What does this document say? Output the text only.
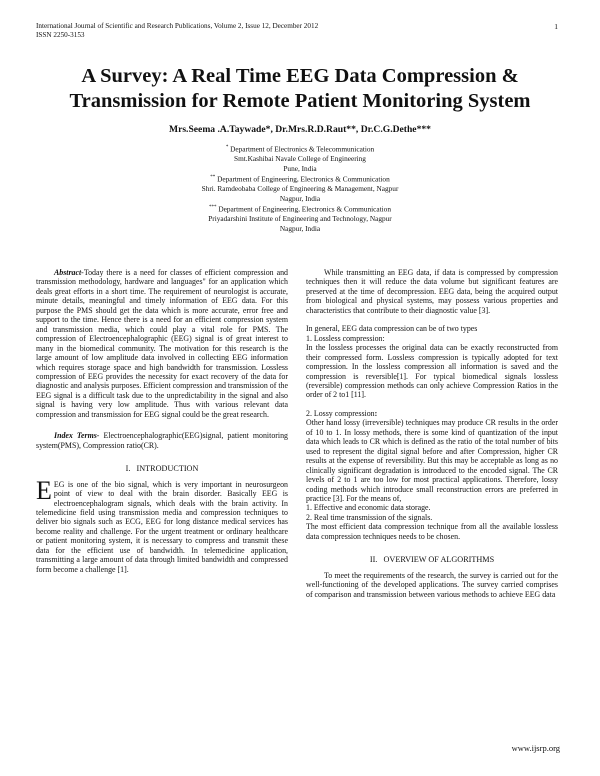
International Journal of Scientific and Research Publications, Volume 2, Issue 12, December 2012
ISSN 2250-3153
1
A Survey: A Real Time EEG Data Compression &
Transmission for Remote Patient Monitoring System
Mrs.Seema .A.Taywade*, Dr.Mrs.R.D.Raut**, Dr.C.G.Dethe***
* Department of Electronics & Telecommunication
Smt.Kashibai Navale College of Engineering
Pune, India
** Department of Engineering, Electronics & Communication
Shri. Ramdeobaba College of Engineering & Management, Nagpur
Nagpur, India
*** Department of Engineering, Electronics & Communication
Priyadarshini Institute of Engineering and Technology, Nagpur
Nagpur, India

Abstract-Today there is a need for classes of efficient compression and transmission methodology, hardware and languages" for an application which deals great efforts in a short time. The requirement of neurologist is accurate, minute details, meaningful and timely information of EEG data. For this purpose the PMS should get the data which is more accurate, error free and support to the time. Hence there is a need for an efficient compression system and transmission media, which could play a vital role for PMS. The compression of Electroencephalographic (EEG) signal is of great interest to many in the biomedical community. The motivation for this research is the large amount of low amplitude data involved in collecting EEG information which requires storage space and high bandwidth for transmission. Lossless compression of EEG provides the necessity for exact recovery of the data for diagnostic and analysis purposes. Efficient compression and transmission of the EEG signal is a difficult task due to the unpredictability in the signal and also signal is having very low amplitude. Thus with various relevant data compression and transmission for EEG signal could be the great research.

Index Terms- Electroencephalographic(EEG)signal, patient monitoring system(PMS), Compression ratio(CR).

I. INTRODUCTION

EEG is one of the bio signal, which is very important in neurosurgeon point of view to deal with the brain disorder. Basically EEG is electroencephalogram signals, which deals with the brain activity. In telemedicine field using transmission media and compression techniques to deliver bio signals such as ECG, EEG for long distance medical services has become reality and challenge. For the urgent treatment or ordinary healthcare or patient monitoring system, it is necessary to compress and transmit these data for the efficient use of bandwidth. In telemedicine application, transmitting a large amount of data through limited bandwidth and compressed form become a challenge [1].

While transmitting an EEG data, if data is compressed by compression techniques then it will reduce the data volume but significant features are preserved at the time of decompression. EEG data, being the acquired output from biological and physical systems, may possess various properties and characteristics that contribute to their diagnostic value [3].

In general, EEG data compression can be of two types

1. Lossless compression:

In the lossless processes the original data can be exactly reconstructed from their compressed form. Lossless compression is typically adopted for text compression. In the lossless compression all information is saved and the compression is reversible[1]. For typical biomedical signals lossless (reversible) compression methods can only achieve Compression Ratios in the order of 2 to1 [11].

2. Lossy compression:

Other hand lossy (irreversible) techniques may produce CR results in the order of 10 to 1. In lossy methods, there is some kind of quantization of the input data which leads to CR which is defined as the ratio of the total number of bits used to represent the digital signal before and after Compression, higher CR results at the expense of reversibility. But this may be acceptable as long as no clinically significant degradation is introduced to the encoded signal. The CR levels of 2 to 1 are too low for most practical applications. Therefore, lossy coding methods which introduce small reconstruction errors are preferred in practice [3]. For the means of,

1. Effective and economic data storage.

2. Real time transmission of the signals.

The most efficient data compression technique from all the available lossless data compression techniques needs to be chosen.

II. OVERVIEW OF ALGORITHMS

To meet the requirements of the research, the survey is carried out for the well-functioning of the developed applications. The survey carried comprises of comparison and transmission between various methods to achieve EEG data

www.ijsrp.org
